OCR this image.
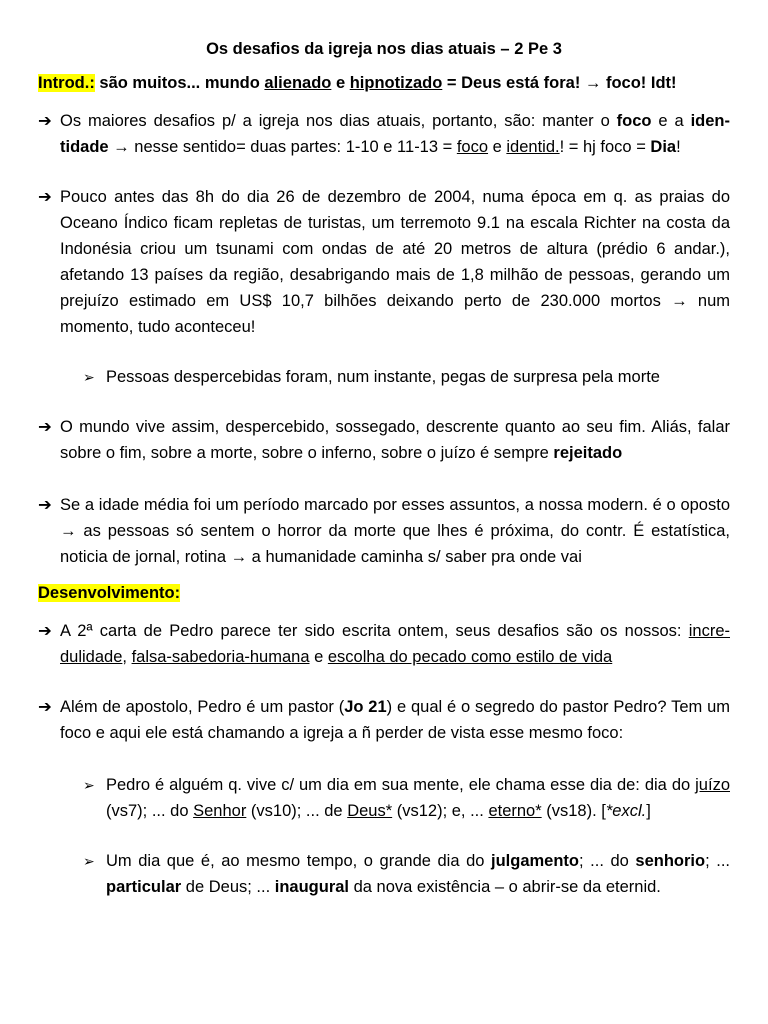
Os desafios da igreja nos dias atuais – 2 Pe 3
Introd.: são muitos... mundo alienado e hipnotizado = Deus está fora! → foco! Idt!
➔ Os maiores desafios p/ a igreja nos dias atuais, portanto, são: manter o foco e a iden-tidade → nesse sentido= duas partes: 1-10 e 11-13 = foco e identid.! = hj foco = Dia!
➔ Pouco antes das 8h do dia 26 de dezembro de 2004, numa época em q. as praias do Oceano Índico ficam repletas de turistas, um terremoto 9.1 na escala Richter na costa da Indonésia criou um tsunami com ondas de até 20 metros de altura (prédio 6 andar.), afetando 13 países da região, desabrigando mais de 1,8 milhão de pessoas, gerando um prejuízo estimado em US$ 10,7 bilhões deixando perto de 230.000 mortos → num momento, tudo aconteceu!
➢ Pessoas despercebidas foram, num instante, pegas de surpresa pela morte
➔ O mundo vive assim, despercebido, sossegado, descrente quanto ao seu fim. Aliás, falar sobre o fim, sobre a morte, sobre o inferno, sobre o juízo é sempre rejeitado
➔ Se a idade média foi um período marcado por esses assuntos, a nossa modern. é o oposto → as pessoas só sentem o horror da morte que lhes é próxima, do contr. É estatística, noticia de jornal, rotina → a humanidade caminha s/ saber pra onde vai
Desenvolvimento:
➔ A 2ª carta de Pedro parece ter sido escrita ontem, seus desafios são os nossos: incre-dulidade, falsa-sabedoria-humana e escolha do pecado como estilo de vida
➔ Além de apostolo, Pedro é um pastor (Jo 21) e qual é o segredo do pastor Pedro? Tem um foco e aqui ele está chamando a igreja a ñ perder de vista esse mesmo foco:
➢ Pedro é alguém q. vive c/ um dia em sua mente, ele chama esse dia de: dia do juízo (vs7); ... do Senhor (vs10); ... de Deus* (vs12); e, ... eterno* (vs18). [*excl.]
➢ Um dia que é, ao mesmo tempo, o grande dia do julgamento; ... do senhorio; ... particular de Deus; ... inaugural da nova existência – o abrir-se da eternid.
